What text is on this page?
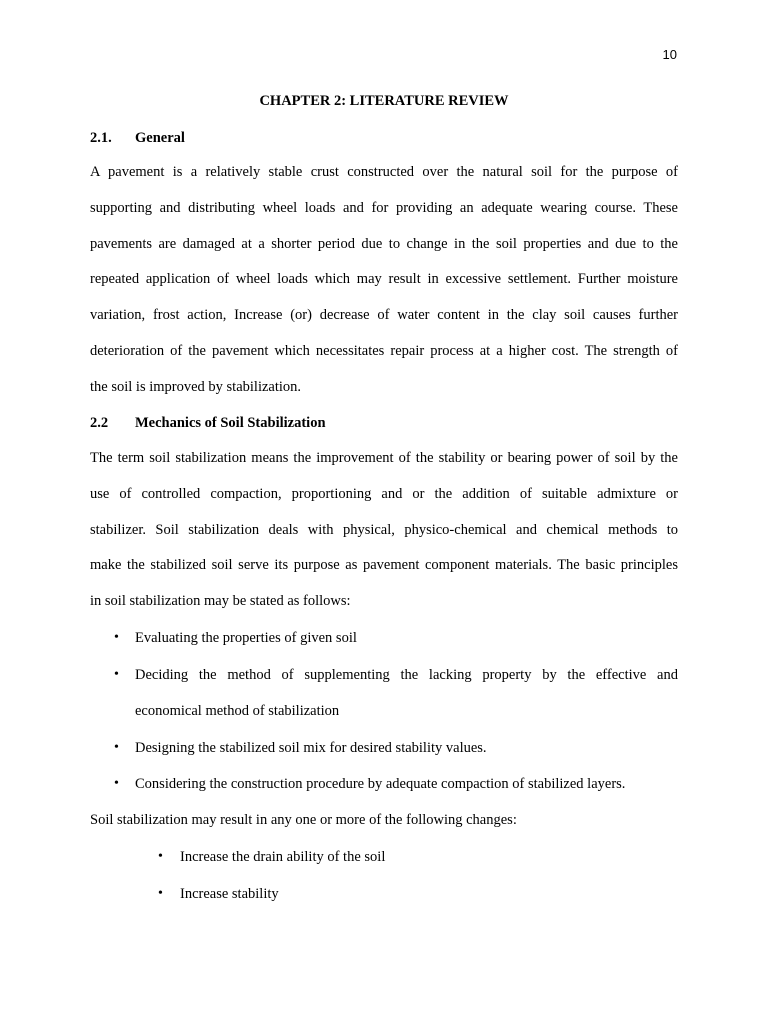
10
CHAPTER 2: LITERATURE REVIEW
2.1. General
A pavement is a relatively stable crust constructed over the natural soil for the purpose of
supporting and distributing wheel loads and for providing an adequate wearing course. These
pavements are damaged at a shorter period due to change in the soil properties and due to the
repeated application of wheel loads which may result in excessive settlement. Further moisture
variation, frost action, Increase (or) decrease of water content in the clay soil causes further
deterioration of the pavement which necessitates repair process at a higher cost. The strength of
the soil is improved by stabilization.
2.2 Mechanics of Soil Stabilization
The term soil stabilization means the improvement of the stability or bearing power of soil by the
use of controlled compaction, proportioning and or the addition of suitable admixture or
stabilizer. Soil stabilization deals with physical, physico-chemical and chemical methods to
make the stabilized soil serve its purpose as pavement component materials. The basic principles
in soil stabilization may be stated as follows:
• Evaluating the properties of given soil
• Deciding the method of supplementing the lacking property by the effective and
economical method of stabilization
• Designing the stabilized soil mix for desired stability values.
• Considering the construction procedure by adequate compaction of stabilized layers.
Soil stabilization may result in any one or more of the following changes:
• Increase the drain ability of the soil
• Increase stability
